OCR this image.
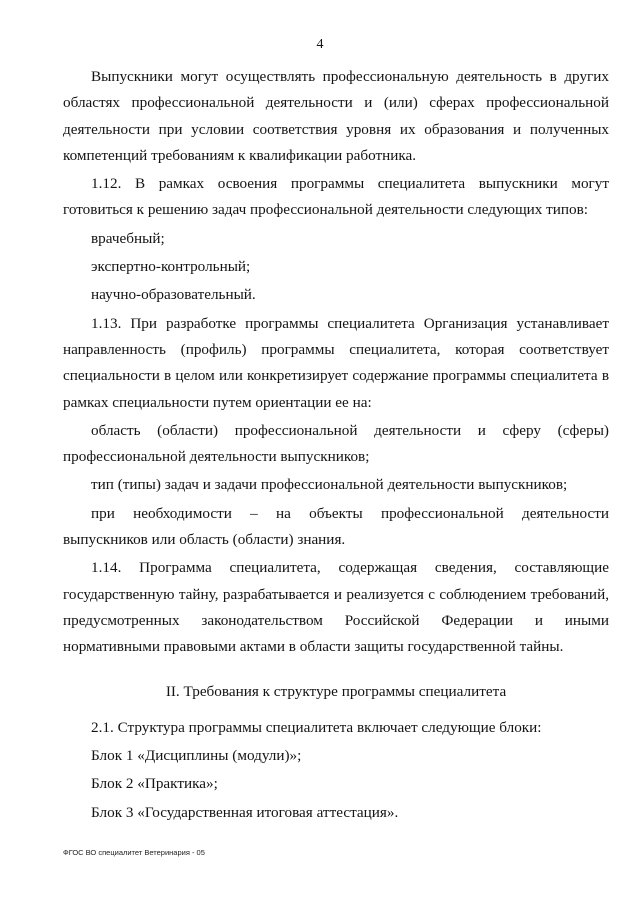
4

Выпускники могут осуществлять профессиональную деятельность в других областях профессиональной деятельности и (или) сферах профессиональной деятельности при условии соответствия уровня их образования и полученных компетенций требованиям к квалификации работника.

1.12. В рамках освоения программы специалитета выпускники могут готовиться к решению задач профессиональной деятельности следующих типов:

врачебный;

экспертно-контрольный;

научно-образовательный.

1.13. При разработке программы специалитета Организация устанавливает направленность (профиль) программы специалитета, которая соответствует специальности в целом или конкретизирует содержание программы специалитета в рамках специальности путем ориентации ее на:

область (области) профессиональной деятельности и сферу (сферы) профессиональной деятельности выпускников;

тип (типы) задач и задачи профессиональной деятельности выпускников;

при необходимости – на объекты профессиональной деятельности выпускников или область (области) знания.

1.14. Программа специалитета, содержащая сведения, составляющие государственную тайну, разрабатывается и реализуется с соблюдением требований, предусмотренных законодательством Российской Федерации и иными нормативными правовыми актами в области защиты государственной тайны.

II. Требования к структуре программы специалитета

2.1. Структура программы специалитета включает следующие блоки:

Блок 1 «Дисциплины (модули)»;

Блок 2 «Практика»;

Блок 3 «Государственная итоговая аттестация».

ФГОС ВО специалитет Ветеринария - 05
